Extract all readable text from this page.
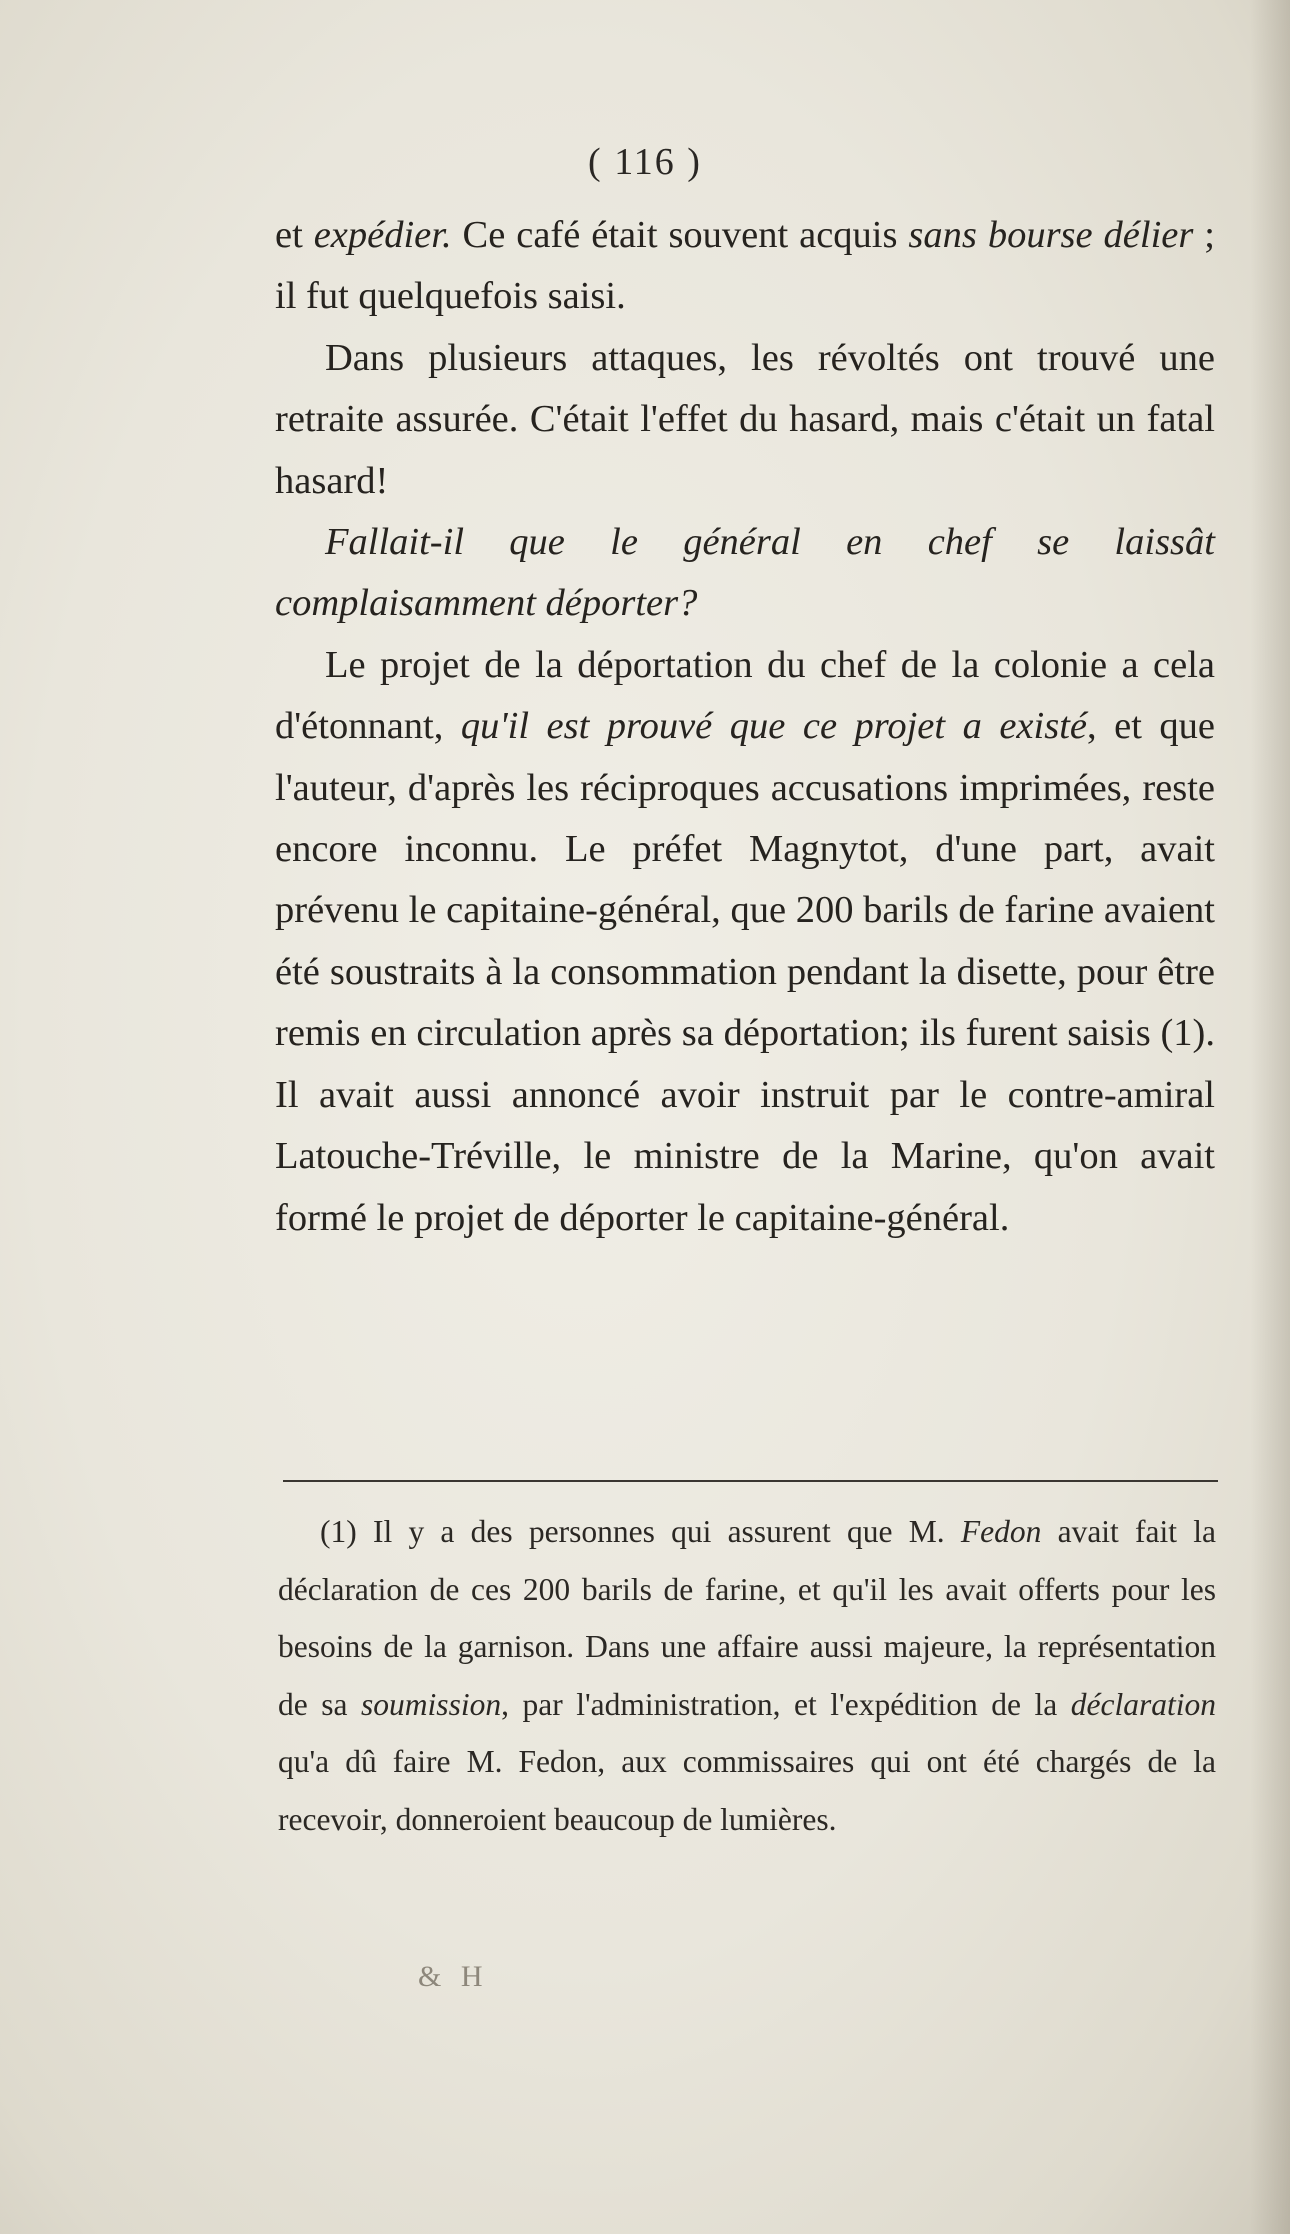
( 116 )

et expédier. Ce café était souvent acquis sans bourse délier ; il fut quelquefois saisi.

Dans plusieurs attaques, les révoltés ont trouvé une retraite assurée. C'était l'effet du hasard, mais c'était un fatal hasard!

Fallait-il que le général en chef se laissât complaisamment déporter?

Le projet de la déportation du chef de la colonie a cela d'étonnant, qu'il est prouvé que ce projet a existé, et que l'auteur, d'après les réciproques accusations imprimées, reste encore inconnu. Le préfet Magnytot, d'une part, avait prévenu le capitaine-général, que 200 barils de farine avaient été soustraits à la consommation pendant la disette, pour être remis en circulation après sa déportation; ils furent saisis (1). Il avait aussi annoncé avoir instruit par le contre-amiral Latouche-Tréville, le ministre de la Marine, qu'on avait formé le projet de déporter le capitaine-général.

(1) Il y a des personnes qui assurent que M. Fedon avait fait la déclaration de ces 200 barils de farine, et qu'il les avait offerts pour les besoins de la garnison. Dans une affaire aussi majeure, la représentation de sa soumission, par l'administration, et l'expédition de la déclaration qu'a dû faire M. Fedon, aux commissaires qui ont été chargés de la recevoir, donneroient beaucoup de lumières.

& H
